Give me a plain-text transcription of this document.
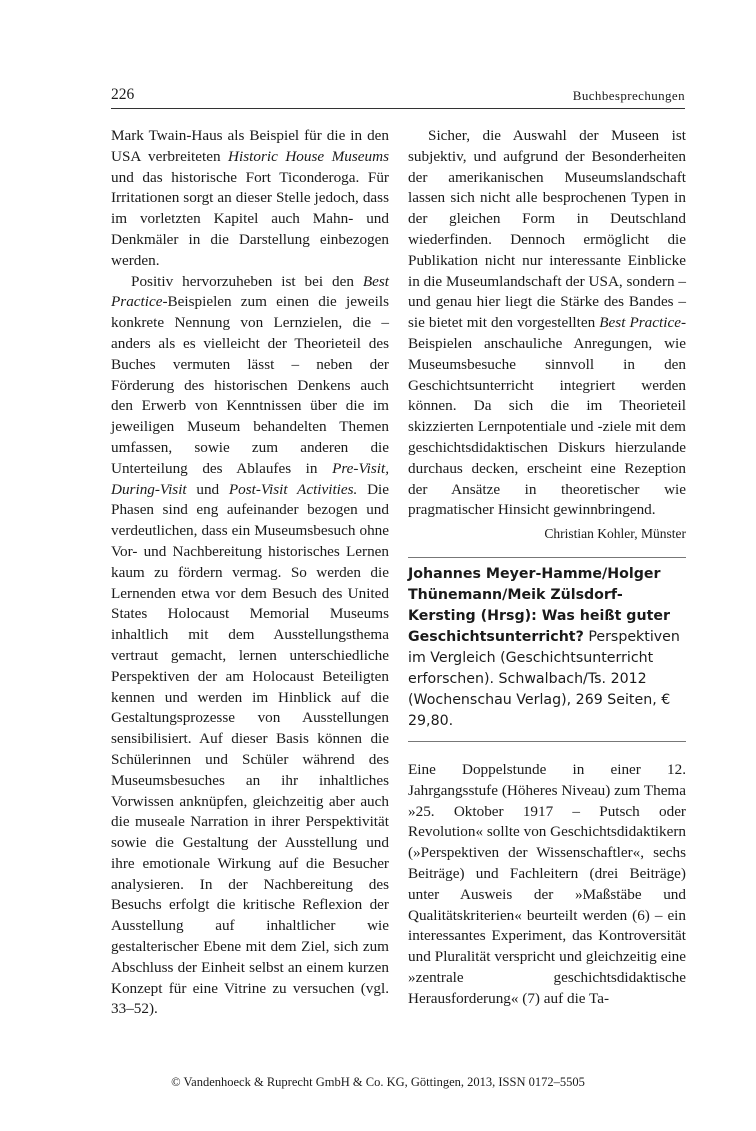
226	Buchbesprechungen

Mark Twain-Haus als Beispiel für die in den USA verbreiteten Historic House Museums und das historische Fort Ticonderoga. Für Irritationen sorgt an dieser Stelle jedoch, dass im vorletzten Kapitel auch Mahn- und Denkmäler in die Darstellung einbezogen werden.

Positiv hervorzuheben ist bei den Best Practice-Beispielen zum einen die jeweils konkrete Nennung von Lernzielen, die – anders als es vielleicht der Theorieteil des Buches vermuten lässt – neben der Förderung des historischen Denkens auch den Erwerb von Kenntnissen über die im jeweiligen Museum behandelten Themen umfassen, sowie zum anderen die Unterteilung des Ablaufes in Pre-Visit, During-Visit und Post-Visit Activities. Die Phasen sind eng aufeinander bezogen und verdeutlichen, dass ein Museumsbesuch ohne Vor- und Nachbereitung historisches Lernen kaum zu fördern vermag. So werden die Lernenden etwa vor dem Besuch des United States Holocaust Memorial Museums inhaltlich mit dem Ausstellungsthema vertraut gemacht, lernen unterschiedliche Perspektiven der am Holocaust Beteiligten kennen und werden im Hinblick auf die Gestaltungsprozesse von Ausstellungen sensibilisiert. Auf dieser Basis können die Schülerinnen und Schüler während des Museumsbesuches an ihr inhaltliches Vorwissen anknüpfen, gleichzeitig aber auch die museale Narration in ihrer Perspektivität sowie die Gestaltung der Ausstellung und ihre emotionale Wirkung auf die Besucher analysieren. In der Nachbereitung des Besuchs erfolgt die kritische Reflexion der Ausstellung auf inhaltlicher wie gestalterischer Ebene mit dem Ziel, sich zum Abschluss der Einheit selbst an einem kurzen Konzept für eine Vitrine zu versuchen (vgl. 33–52).

Sicher, die Auswahl der Museen ist subjektiv, und aufgrund der Besonderheiten der amerikanischen Museumslandschaft lassen sich nicht alle besprochenen Typen in der gleichen Form in Deutschland wiederfinden. Dennoch ermöglicht die Publikation nicht nur interessante Einblicke in die Museumlandschaft der USA, sondern – und genau hier liegt die Stärke des Bandes – sie bietet mit den vorgestellten Best Practice-Beispielen anschauliche Anregungen, wie Museumsbesuche sinnvoll in den Geschichtsunterricht integriert werden können. Da sich die im Theorieteil skizzierten Lernpotentiale und -ziele mit dem geschichtsdidaktischen Diskurs hierzulande durchaus decken, erscheint eine Rezeption der Ansätze in theoretischer wie pragmatischer Hinsicht gewinnbringend.

Christian Kohler, Münster
Johannes Meyer-Hamme/Holger Thünemann/Meik Zülsdorf-Kersting (Hrsg): Was heißt guter Geschichtsunterricht? Perspektiven im Vergleich (Geschichtsunterricht erforschen). Schwalbach/Ts. 2012 (Wochenschau Verlag), 269 Seiten, € 29,80.

Eine Doppelstunde in einer 12. Jahrgangsstufe (Höheres Niveau) zum Thema »25. Oktober 1917 – Putsch oder Revolution« sollte von Geschichtsdidaktikern (»Perspektiven der Wissenschaftler«, sechs Beiträge) und Fachleitern (drei Beiträge) unter Ausweis der »Maßstäbe und Qualitätskriterien« beurteilt werden (6) – ein interessantes Experiment, das Kontroversität und Pluralität verspricht und gleichzeitig eine »zentrale geschichtsdidaktische Herausforderung« (7) auf die Ta-

© Vandenhoeck & Ruprecht GmbH & Co. KG, Göttingen, 2013, ISSN 0172–5505
